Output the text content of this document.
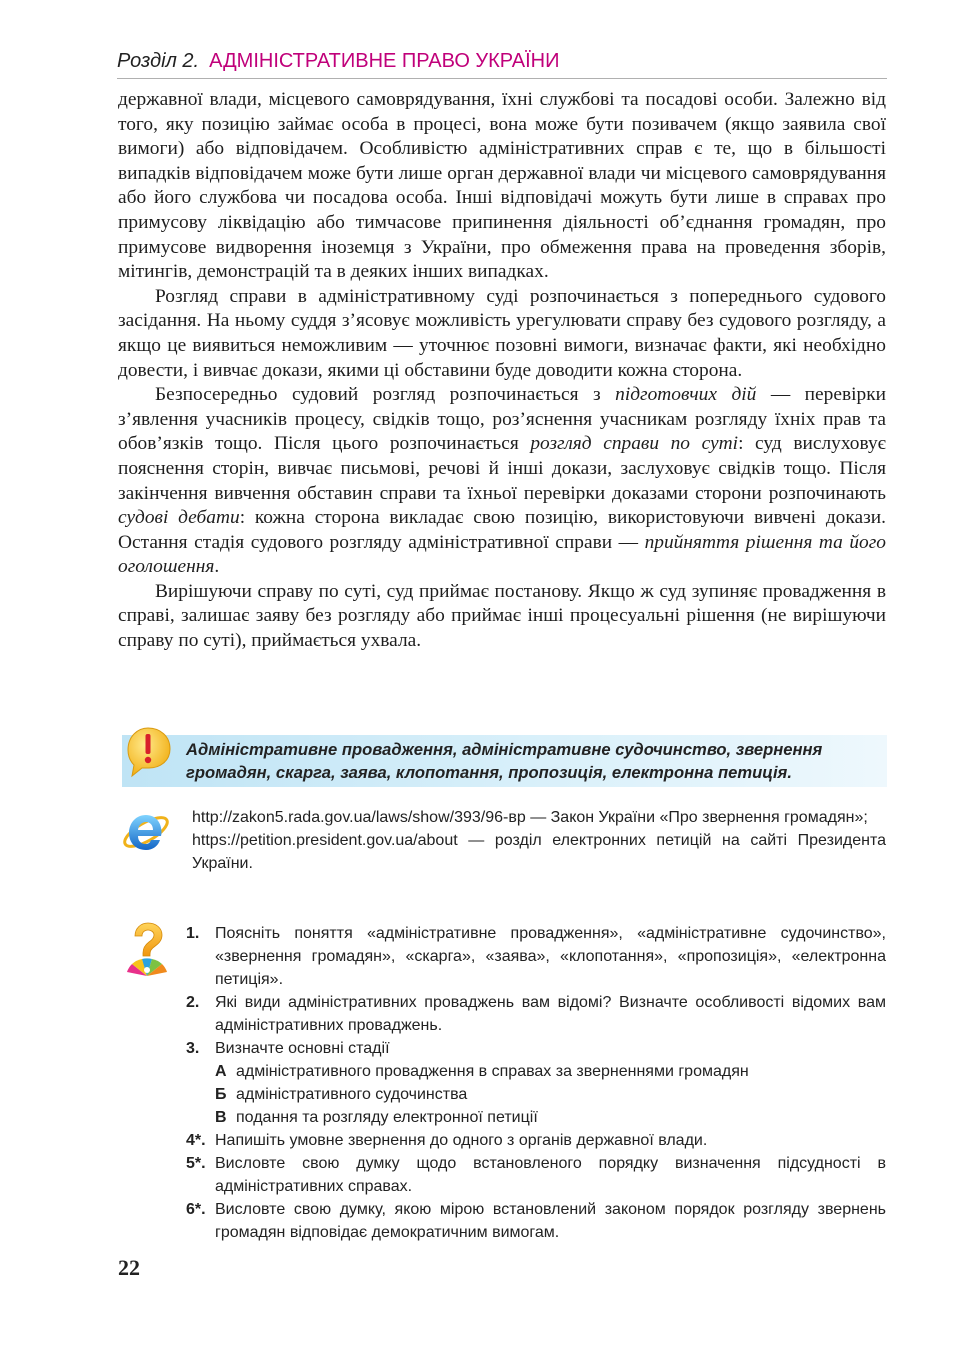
Розділ 2. АДМІНІСТРАТИВНЕ ПРАВО УКРАЇНИ

державної влади, місцевого самоврядування, їхні службові та посадові особи. Залежно від того, яку позицію займає особа в процесі, вона може бути позивачем (якщо заявила свої вимоги) або відповідачем. Особливістю адміністративних справ є те, що в більшості випадків відповідачем може бути лише орган державної влади чи місцевого самоврядування або його службова чи посадова особа. Інші відповідачі можуть бути лише в справах про примусову ліквідацію або тимчасове припинення діяльності об’єднання громадян, про примусове видворення іноземця з України, про обмеження права на проведення зборів, мітингів, демонстрацій та в деяких інших випадках.

Розгляд справи в адміністративному суді розпочинається з попереднього судового засідання. На ньому суддя з’ясовує можливість урегулювати справу без судового розгляду, а якщо це виявиться неможливим — уточнює позовні вимоги, визначає факти, які необхідно довести, і вивчає докази, якими ці обставини буде доводити кожна сторона.

Безпосередньо судовий розгляд розпочинається з підготовчих дій — перевірки з’явлення учасників процесу, свідків тощо, роз’яснення учасникам розгляду їхніх прав та обов’язків тощо. Після цього розпочинається розгляд справи по суті: суд вислуховує пояснення сторін, вивчає письмові, речові й інші докази, заслуховує свідків тощо. Після закінчення вивчення обставин справи та їхньої перевірки доказами сторони розпочинають судові дебати: кожна сторона викладає свою позицію, використовуючи вивчені докази. Остання стадія судового розгляду адміністративної справи — прийняття рішення та його оголошення.

Вирішуючи справу по суті, суд приймає постанову. Якщо ж суд зупиняє провадження в справі, залишає заяву без розгляду або приймає інші процесуальні рішення (не вирішуючи справу по суті), приймається ухвала.

Адміністративне провадження, адміністративне судочинство, звернення громадян, скарга, заява, клопотання, пропозиція, електронна петиція.

http://zakon5.rada.gov.ua/laws/show/393/96-вр — Закон України «Про звернення громадян»;

https://petition.president.gov.ua/about — розділ електронних петицій на сайті Президента України.

1. Поясніть поняття «адміністративне провадження», «адміністративне судочинство», «звернення громадян», «скарга», «заява», «клопотання», «пропозиція», «електронна петиція».
2. Які види адміністративних проваджень вам відомі? Визначте особливості відомих вам адміністративних проваджень.
3. Визначте основні стадії
А адміністративного провадження в справах за зверненнями громадян
Б адміністративного судочинства
В подання та розгляду електронної петиції
4*. Напишіть умовне звернення до одного з органів державної влади.
5*. Висловте свою думку щодо встановленого порядку визначення підсудності в адміністративних справах.
6*. Висловте свою думку, якою мірою встановлений законом порядок розгляду звернень громадян відповідає демократичним вимогам.
22
